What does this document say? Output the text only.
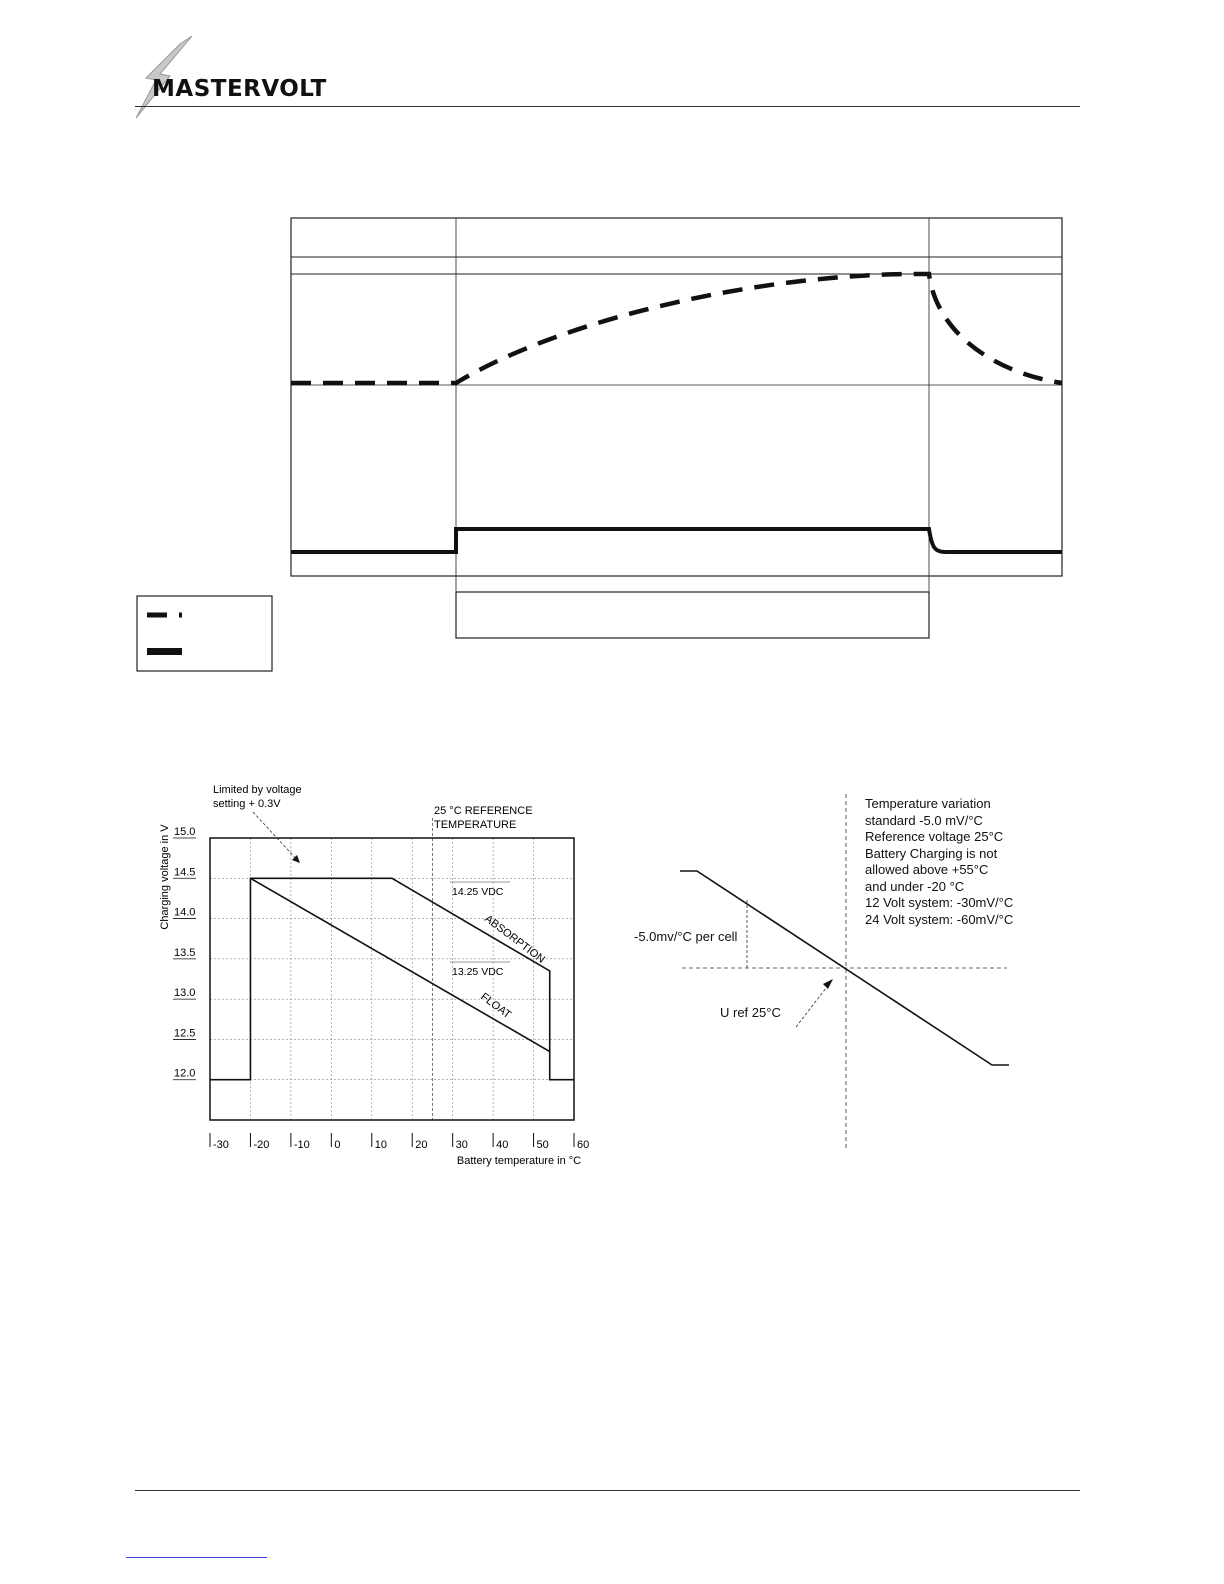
MASTERVOLT
-30 -20 -10 0	10	20	30	40	50	60
15.0
14.5
14.0
13.5
13.0
12.5
12.0
Charging voltage in V
Battery temperature in °C
Limited by voltage
setting + 0.3V
25 °C REFERENCE
TEMPERATURE
14.25 VDC
13.25 VDC
ABSORPTION
FLOAT
Temperature variation
standard -5.0 mV/°C
Reference voltage 25°C
Battery Charging is not
allowed above +55°C
and under -20 °C
12 Volt system: -30mV/°C
24 Volt system: -60mV/°C
-5.0mv/°C per cell
U ref 25°C
